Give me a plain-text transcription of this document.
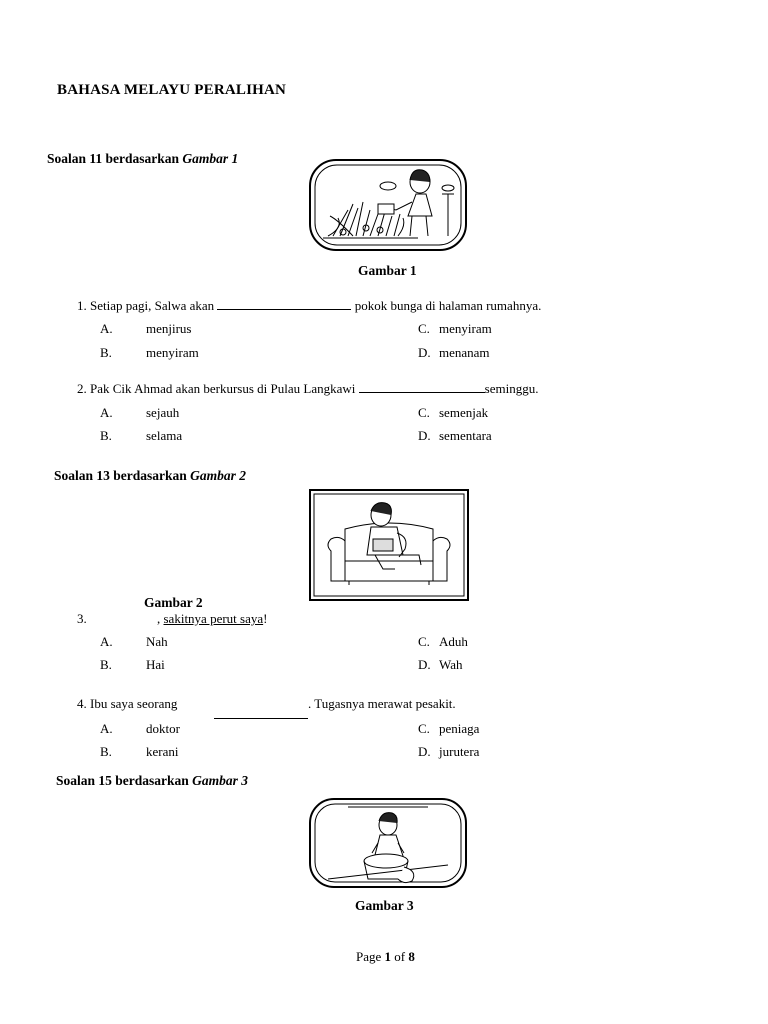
BAHASA MELAYU PERALIHAN
Soalan 11 berdasarkan Gambar 1
Gambar 1
1. Setiap pagi, Salwa akan	pokok bunga di halaman rumahnya.
A.	menjirus	C. menyiram
B.	menyiram	D. menanam
2. Pak Cik Ahmad akan berkursus di Pulau Langkawi	seminggu.
A.	sejauh	C. semenjak
B.	selama	D. sementara
Soalan 13 berdasarkan Gambar 2
Gambar 2
3.	, sakitnya perut saya!
A.	Nah	C. Aduh
B.	Hai	D. Wah
4. Ibu saya seorang	. Tugasnya merawat pesakit.
A.	doktor	C. peniaga
B.	kerani	D. jurutera
Soalan 15 berdasarkan Gambar 3
Gambar 3
Page 1 of 8
